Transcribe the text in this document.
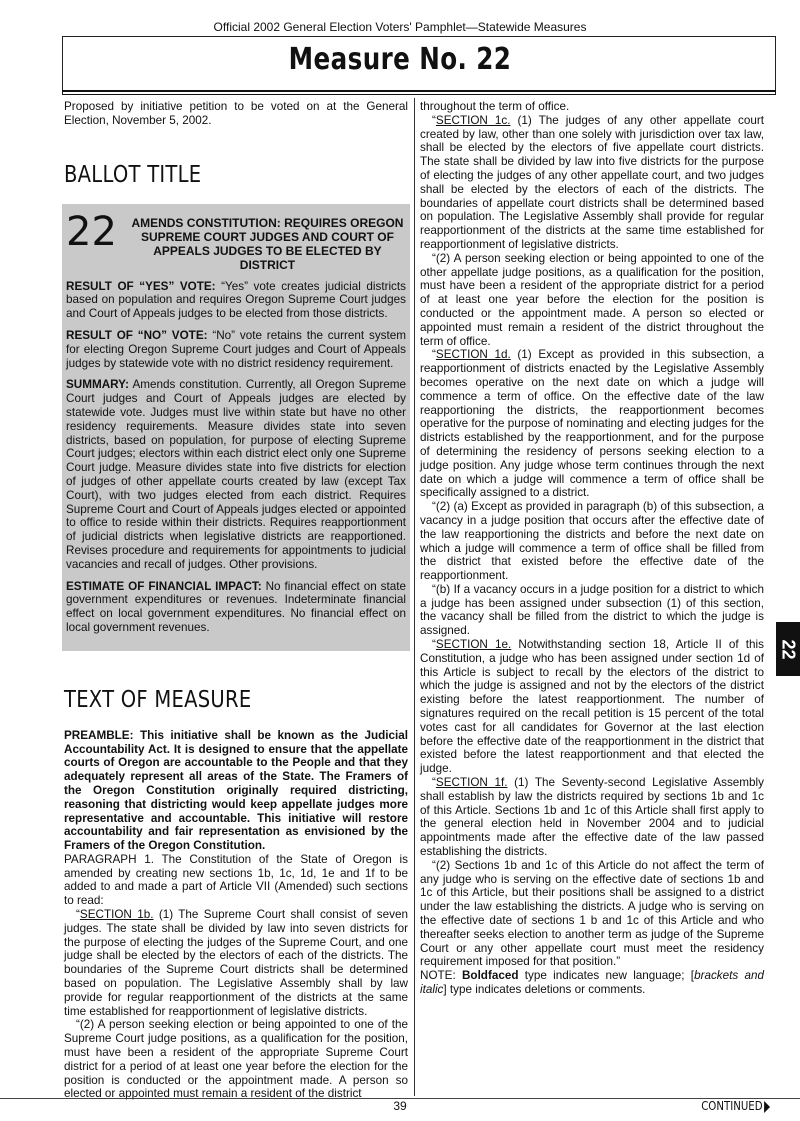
Official 2002 General Election Voters' Pamphlet—Statewide Measures
Measure No. 22

Proposed by initiative petition to be voted on at the General Election, November 5, 2002.

BALLOT TITLE
22 AMENDS CONSTITUTION: REQUIRES OREGON SUPREME COURT JUDGES AND COURT OF APPEALS JUDGES TO BE ELECTED BY DISTRICT
RESULT OF “YES” VOTE: “Yes” vote creates judicial districts based on population and requires Oregon Supreme Court judges and Court of Appeals judges to be elected from those districts.
RESULT OF “NO” VOTE: “No” vote retains the current system for electing Oregon Supreme Court judges and Court of Appeals judges by statewide vote with no district residency requirement.
SUMMARY: Amends constitution. Currently, all Oregon Supreme Court judges and Court of Appeals judges are elected by statewide vote. Judges must live within state but have no other residency requirements. Measure divides state into seven districts, based on population, for purpose of electing Supreme Court judges; electors within each district elect only one Supreme Court judge. Measure divides state into five districts for election of judges of other appellate courts created by law (except Tax Court), with two judges elected from each district. Requires Supreme Court and Court of Appeals judges elected or appointed to office to reside within their districts. Requires reapportionment of judicial districts when legislative districts are reapportioned. Revises procedure and requirements for appointments to judicial vacancies and recall of judges. Other provisions.
ESTIMATE OF FINANCIAL IMPACT: No financial effect on state government expenditures or revenues. Indeterminate financial effect on local government expenditures. No financial effect on local government revenues.
TEXT OF MEASURE

PREAMBLE: This initiative shall be known as the Judicial Accountability Act. It is designed to ensure that the appellate courts of Oregon are accountable to the People and that they adequately represent all areas of the State. The Framers of the Oregon Constitution originally required districting, reasoning that districting would keep appellate judges more representative and accountable. This initiative will restore accountability and fair representation as envisioned by the Framers of the Oregon Constitution.

PARAGRAPH 1. The Constitution of the State of Oregon is amended by creating new sections 1b, 1c, 1d, 1e and 1f to be added to and made a part of Article VII (Amended) such sections to read:

“SECTION 1b. (1) The Supreme Court shall consist of seven judges. The state shall be divided by law into seven districts for the purpose of electing the judges of the Supreme Court, and one judge shall be elected by the electors of each of the districts. The boundaries of the Supreme Court districts shall be determined based on population. The Legislative Assembly shall by law provide for regular reapportionment of the districts at the same time established for reapportionment of legislative districts.

“(2) A person seeking election or being appointed to one of the Supreme Court judge positions, as a qualification for the position, must have been a resident of the appropriate Supreme Court district for a period of at least one year before the election for the position is conducted or the appointment made. A person so elected or appointed must remain a resident of the district

throughout the term of office.

“SECTION 1c. (1) The judges of any other appellate court created by law, other than one solely with jurisdiction over tax law, shall be elected by the electors of five appellate court districts. The state shall be divided by law into five districts for the purpose of electing the judges of any other appellate court, and two judges shall be elected by the electors of each of the districts. The boundaries of appellate court districts shall be determined based on population. The Legislative Assembly shall provide for regular reapportionment of the districts at the same time established for reapportionment of legislative districts.

“(2) A person seeking election or being appointed to one of the other appellate judge positions, as a qualification for the position, must have been a resident of the appropriate district for a period of at least one year before the election for the position is conducted or the appointment made. A person so elected or appointed must remain a resident of the district throughout the term of office.

“SECTION 1d. (1) Except as provided in this subsection, a reapportionment of districts enacted by the Legislative Assembly becomes operative on the next date on which a judge will commence a term of office. On the effective date of the law reapportioning the districts, the reapportionment becomes operative for the purpose of nominating and electing judges for the districts established by the reapportionment, and for the purpose of determining the residency of persons seeking election to a judge position. Any judge whose term continues through the next date on which a judge will commence a term of office shall be specifically assigned to a district.

“(2) (a) Except as provided in paragraph (b) of this subsection, a vacancy in a judge position that occurs after the effective date of the law reapportioning the districts and before the next date on which a judge will commence a term of office shall be filled from the district that existed before the effective date of the reapportionment.

“(b) If a vacancy occurs in a judge position for a district to which a judge has been assigned under subsection (1) of this section, the vacancy shall be filled from the district to which the judge is assigned.

“SECTION 1e. Notwithstanding section 18, Article II of this Constitution, a judge who has been assigned under section 1d of this Article is subject to recall by the electors of the district to which the judge is assigned and not by the electors of the district existing before the latest reapportionment. The number of signatures required on the recall petition is 15 percent of the total votes cast for all candidates for Governor at the last election before the effective date of the reapportionment in the district that existed before the latest reapportionment and that elected the judge.

“SECTION 1f. (1) The Seventy-second Legislative Assembly shall establish by law the districts required by sections 1b and 1c of this Article. Sections 1b and 1c of this Article shall first apply to the general election held in November 2004 and to judicial appointments made after the effective date of the law passed establishing the districts.

“(2) Sections 1b and 1c of this Article do not affect the term of any judge who is serving on the effective date of sections 1b and 1c of this Article, but their positions shall be assigned to a district under the law establishing the districts. A judge who is serving on the effective date of sections 1 b and 1c of this Article and who thereafter seeks election to another term as judge of the Supreme Court or any other appellate court must meet the residency requirement imposed for that position.”

NOTE: Boldfaced type indicates new language; [brackets and italic] type indicates deletions or comments.

22
39	CONTINUED
